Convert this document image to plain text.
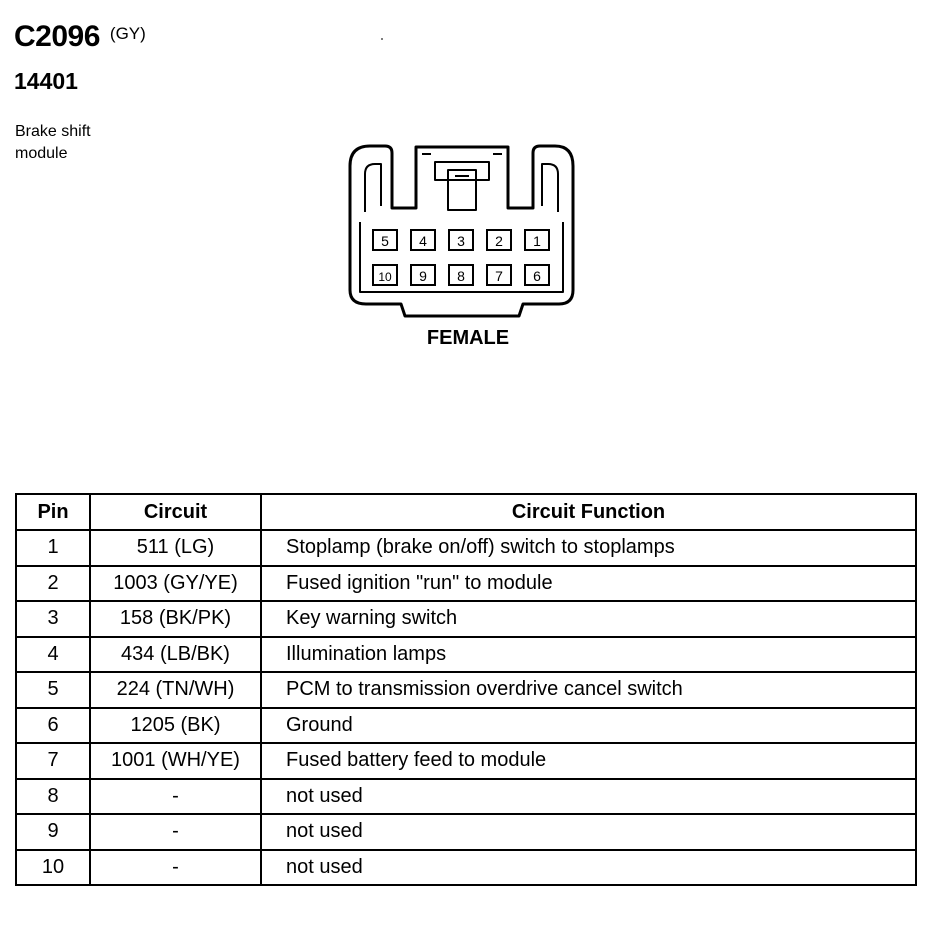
C2096 (GY)
14401
Brake shift module
5 4 3 2 1
10 9 8 7 6
FEMALE
Pin	Circuit	Circuit Function
1	511 (LG)	Stoplamp (brake on/off) switch to stoplamps
2	1003 (GY/YE)	Fused ignition "run" to module
3	158 (BK/PK)	Key warning switch
4	434 (LB/BK)	Illumination lamps
5	224 (TN/WH)	PCM to transmission overdrive cancel switch
6	1205 (BK)	Ground
7	1001 (WH/YE)	Fused battery feed to module
8	-	not used
9	-	not used
10	-	not used
